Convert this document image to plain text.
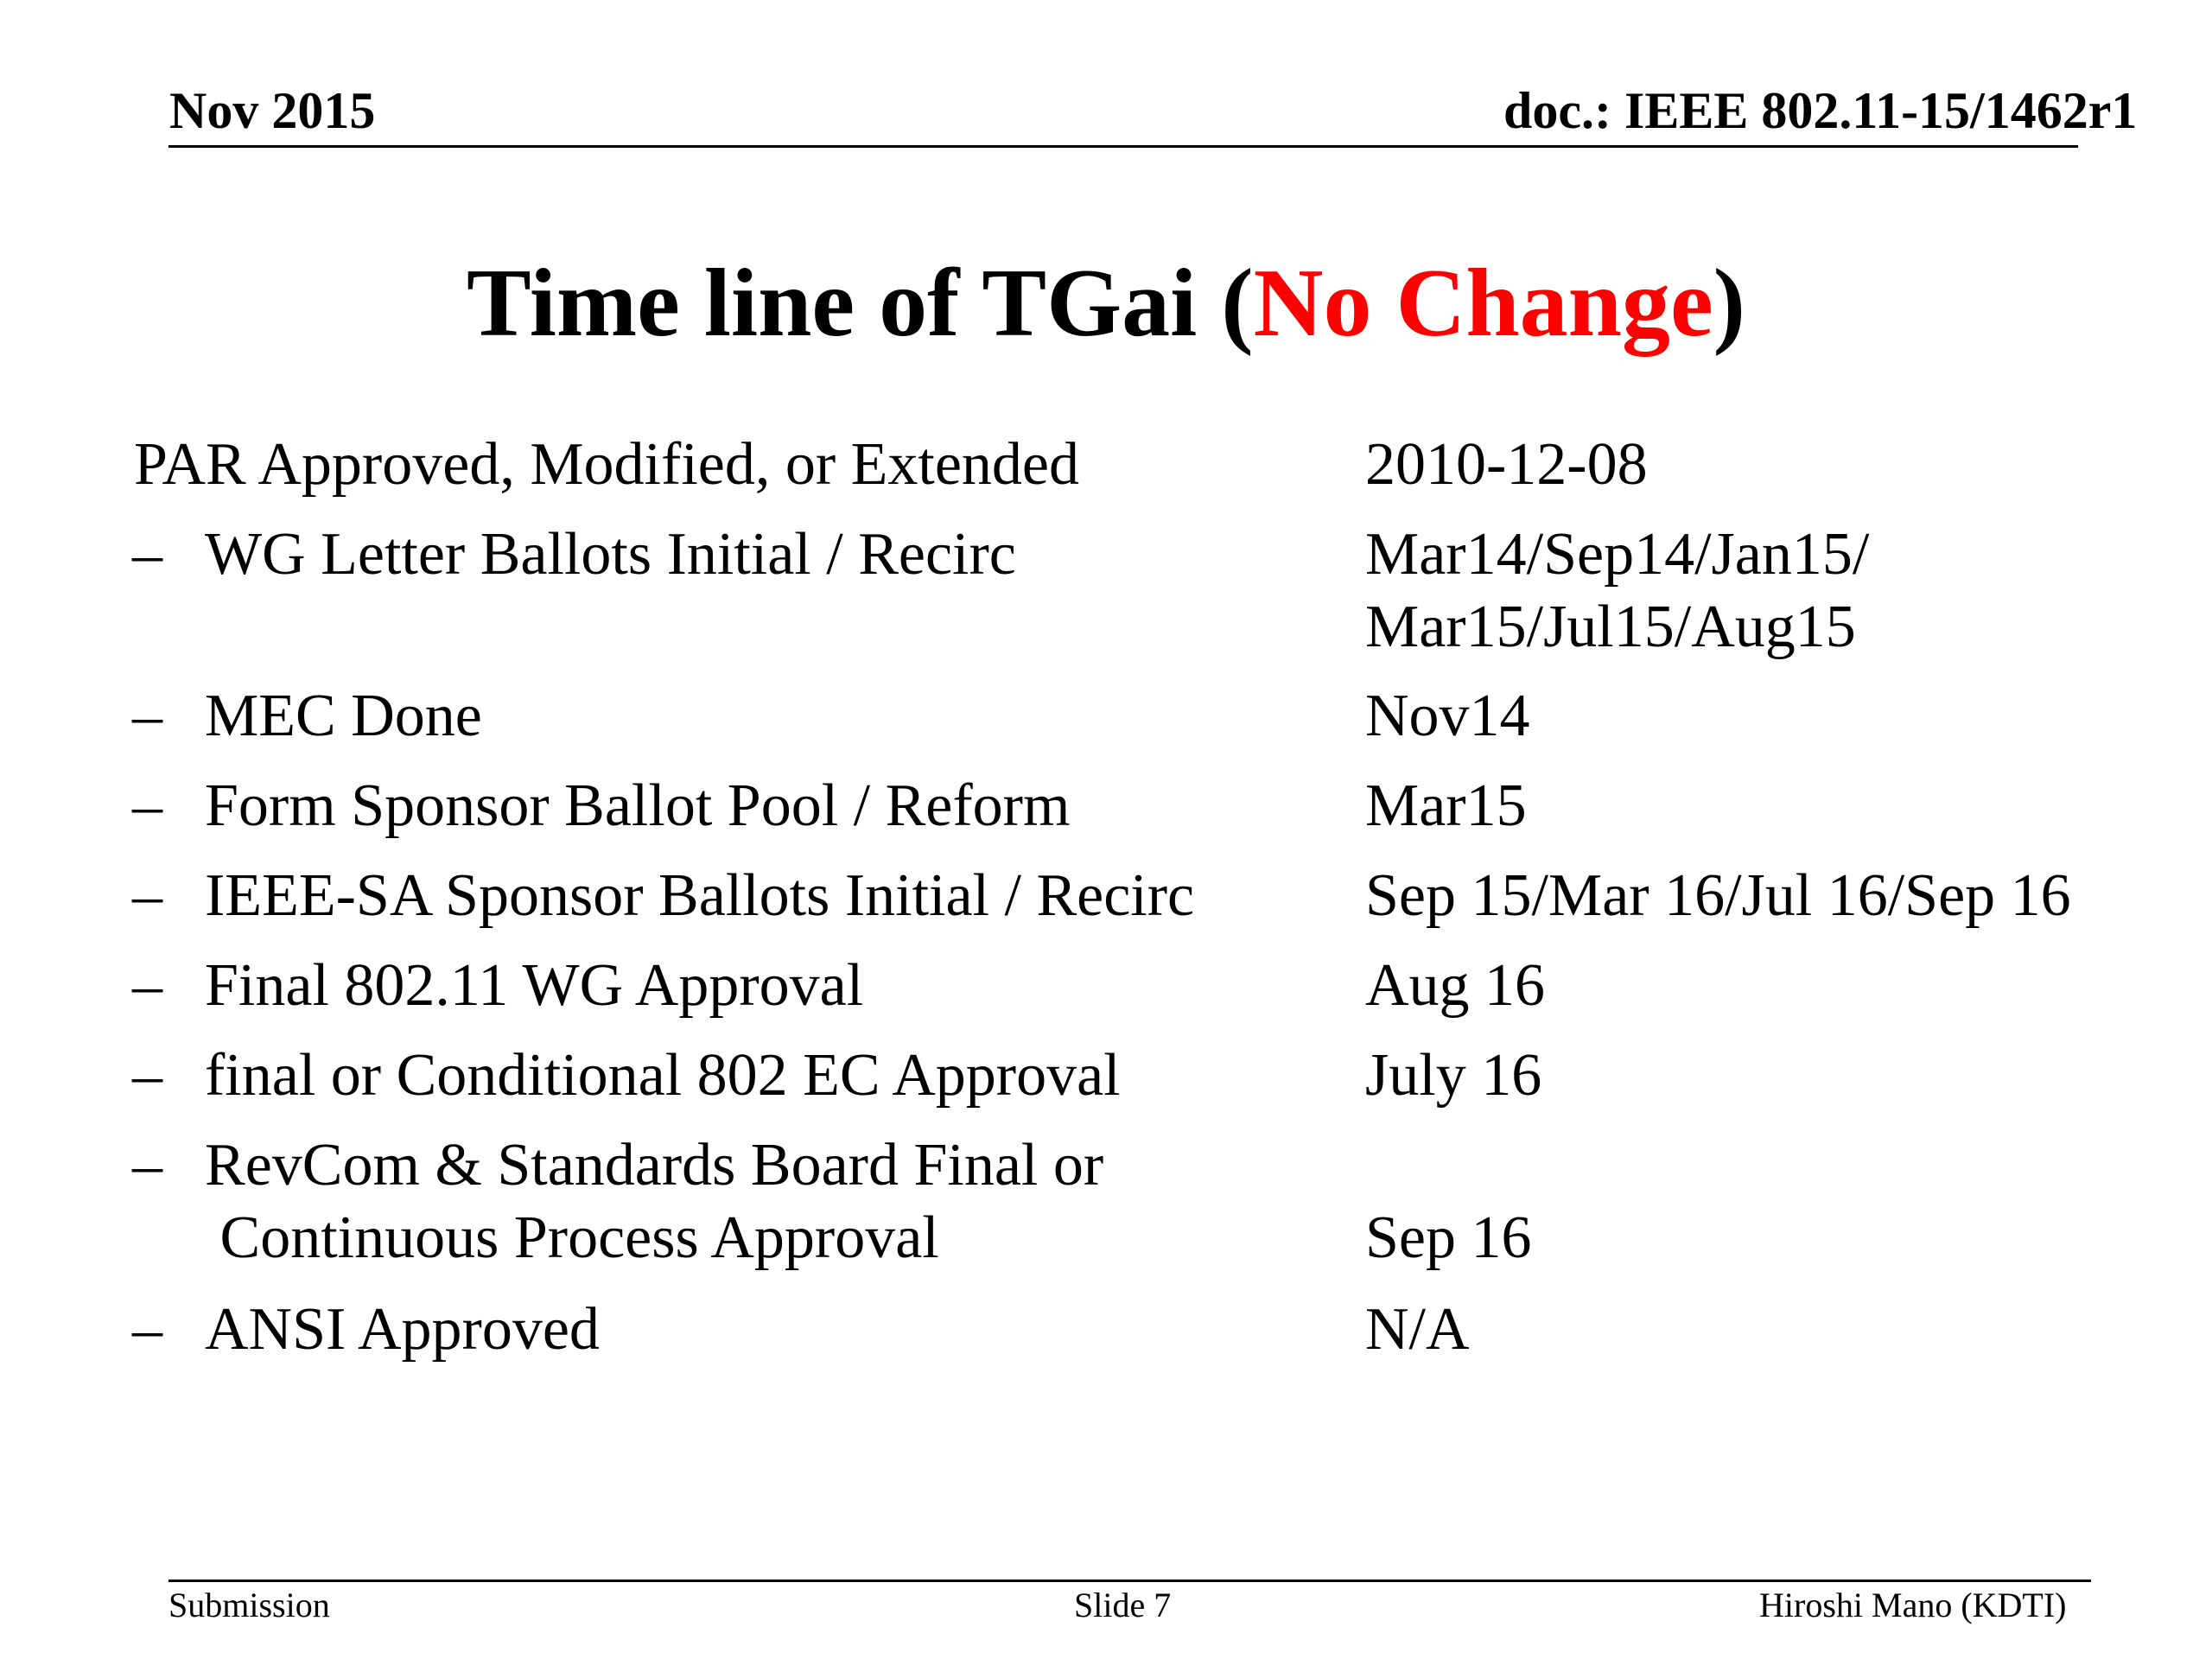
Nov 2015	doc.: IEEE 802.11-15/1462r1
Time line of TGai (No Change)
PAR Approved, Modified, or Extended	2010-12-08
– WG Letter Ballots Initial / Recirc	Mar14/Sep14/Jan15/
Mar15/Jul15/Aug15
– MEC Done	Nov14
– Form Sponsor Ballot Pool / Reform	Mar15
– IEEE-SA Sponsor Ballots Initial / Recirc	Sep 15/Mar 16/Jul 16/Sep 16
– Final 802.11 WG Approval	Aug 16
– final or Conditional 802 EC Approval	July 16
– RevCom & Standards Board Final or
Continuous Process Approval
	Sep 16
– ANSI Approved	N/A
Submission	Slide 7	Hiroshi Mano (KDTI)
